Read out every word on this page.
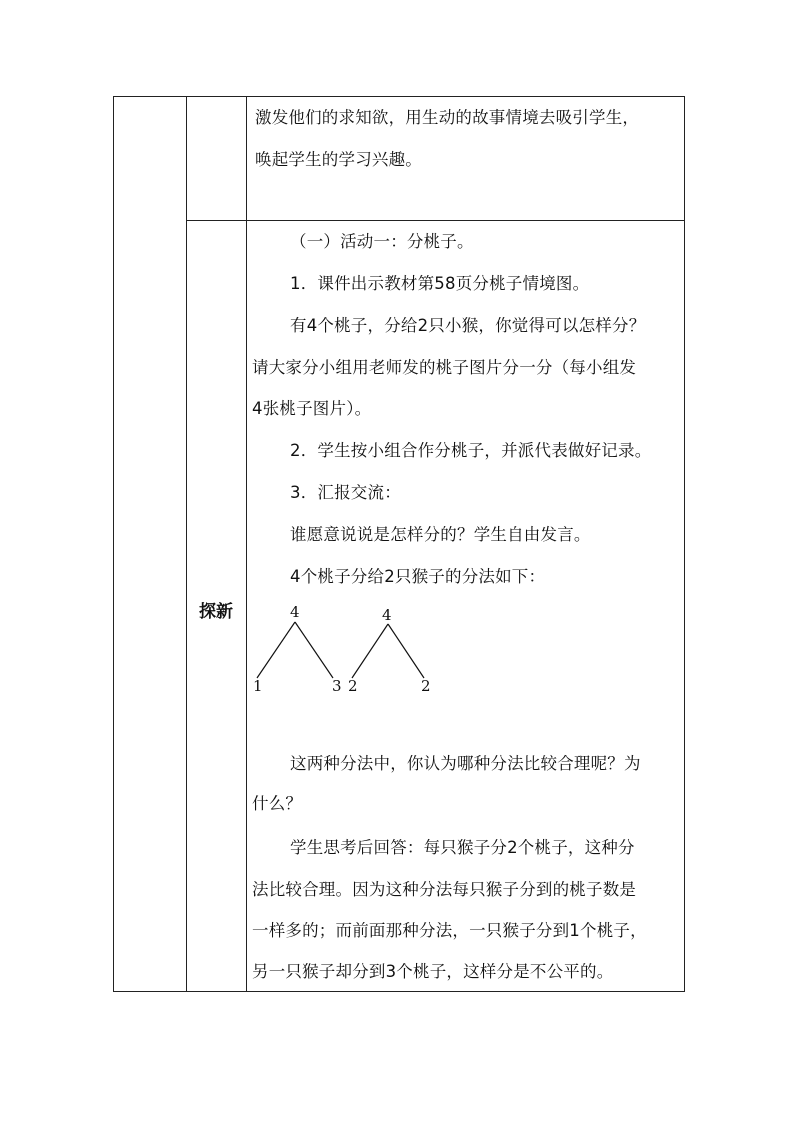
激发他们的求知欲，用生动的故事情境去吸引学生，
唤起学生的学习兴趣。
探新
（一）活动一：分桃子。
1．课件出示教材第58页分桃子情境图。
有4个桃子，分给2只小猴，你觉得可以怎样分？
请大家分小组用老师发的桃子图片分一分（每小组发
4张桃子图片）。
2．学生按小组合作分桃子，并派代表做好记录。
3．汇报交流：
谁愿意说说是怎样分的？学生自由发言。
4个桃子分给2只猴子的分法如下：
4
1	3
4
2	2
这两种分法中，你认为哪种分法比较合理呢？为
什么？
学生思考后回答：每只猴子分2个桃子，这种分
法比较合理。因为这种分法每只猴子分到的桃子数是
一样多的；而前面那种分法，一只猴子分到1个桃子，
另一只猴子却分到3个桃子，这样分是不公平的。
